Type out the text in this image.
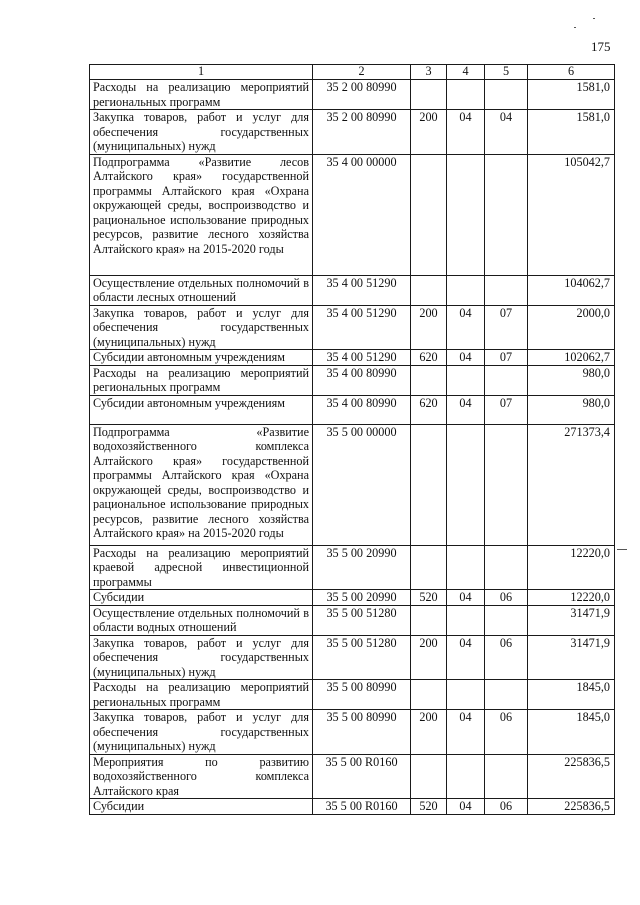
175
1	2	3	4	5	6
Расходы на реализацию мероприятий региональных программ	35 2 00 80990				1581,0
Закупка товаров, работ и услуг для обеспечения государственных (муниципальных) нужд	35 2 00 80990	200	04	04	1581,0
Подпрограмма «Развитие лесов Алтайского края» государственной программы Алтайского края «Охрана окружающей среды, воспроизводство и рациональное использование природных ресурсов, развитие лесного хозяйства Алтайского края» на 2015-2020 годы	35 4 00 00000				105042,7
Осуществление отдельных полномочий в области лесных отношений	35 4 00 51290				104062,7
Закупка товаров, работ и услуг для обеспечения государственных (муниципальных) нужд	35 4 00 51290	200	04	07	2000,0
Субсидии автономным учреждениям	35 4 00 51290	620	04	07	102062,7
Расходы на реализацию мероприятий региональных программ	35 4 00 80990				980,0
Субсидии автономным учреждениям	35 4 00 80990	620	04	07	980,0
Подпрограмма «Развитие водохозяйственного комплекса Алтайского края» государственной программы Алтайского края «Охрана окружающей среды, воспроизводство и рациональное использование природных ресурсов, развитие лесного хозяйства Алтайского края» на 2015-2020 годы	35 5 00 00000				271373,4
Расходы на реализацию мероприятий краевой адресной инвестиционной программы	35 5 00 20990				12220,0
Субсидии	35 5 00 20990	520	04	06	12220,0
Осуществление отдельных полномочий в области водных отношений	35 5 00 51280				31471,9
Закупка товаров, работ и услуг для обеспечения государственных (муниципальных) нужд	35 5 00 51280	200	04	06	31471,9
Расходы на реализацию мероприятий региональных программ	35 5 00 80990				1845,0
Закупка товаров, работ и услуг для обеспечения государственных (муниципальных) нужд	35 5 00 80990	200	04	06	1845,0
Мероприятия по развитию водохозяйственного комплекса Алтайского края	35 5 00 R0160				225836,5
Субсидии	35 5 00 R0160	520	04	06	225836,5
